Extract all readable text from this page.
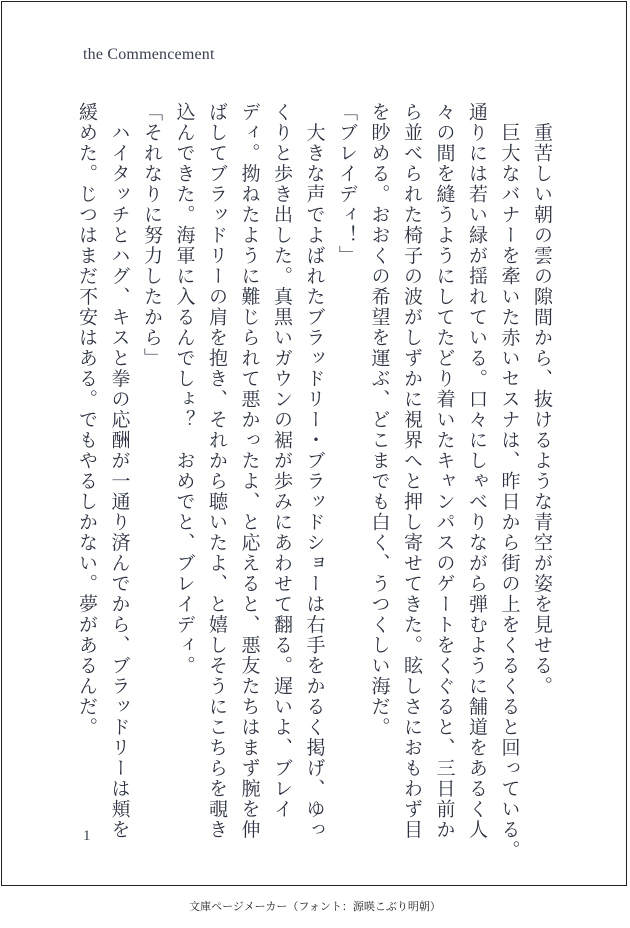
the Commencement
　重苦しい朝の雲の隙間から、抜けるような青空が姿を見せる。
　巨大なバナーを牽いた赤いセスナは、昨日から街の上をくるくると回っている。
通りには若い緑が揺れている。口々にしゃべりながら弾むように舗道をあるく人
々の間を縫うようにしてたどり着いたキャンパスのゲートをくぐると、三日前か
ら並べられた椅子の波がしずかに視界へと押し寄せてきた。眩しさにおもわず目
を眇める。おおくの希望を運ぶ、どこまでも白く、うつくしい海だ。
「ブレイディ！」
　大きな声でよばれたブラッドリー・ブラッドショーは右手をかるく掲げ、ゆっ
くりと歩き出した。真黒いガウンの裾が歩みにあわせて翻る。遅いよ、ブレイ
ディ。拗ねたように難じられて悪かったよ、と応えると、悪友たちはまず腕を伸
ばしてブラッドリーの肩を抱き、それから聴いたよ、と嬉しそうにこちらを覗き
込んできた。海軍に入るんでしょ？　おめでと、ブレイディ。
「それなりに努力したから」
　ハイタッチとハグ、キスと拳の応酬が一通り済んでから、ブラッドリーは頬を
緩めた。じつはまだ不安はある。でもやるしかない。夢があるんだ。
1
文庫ページメーカー（フォント：源暎こぶり明朝）
